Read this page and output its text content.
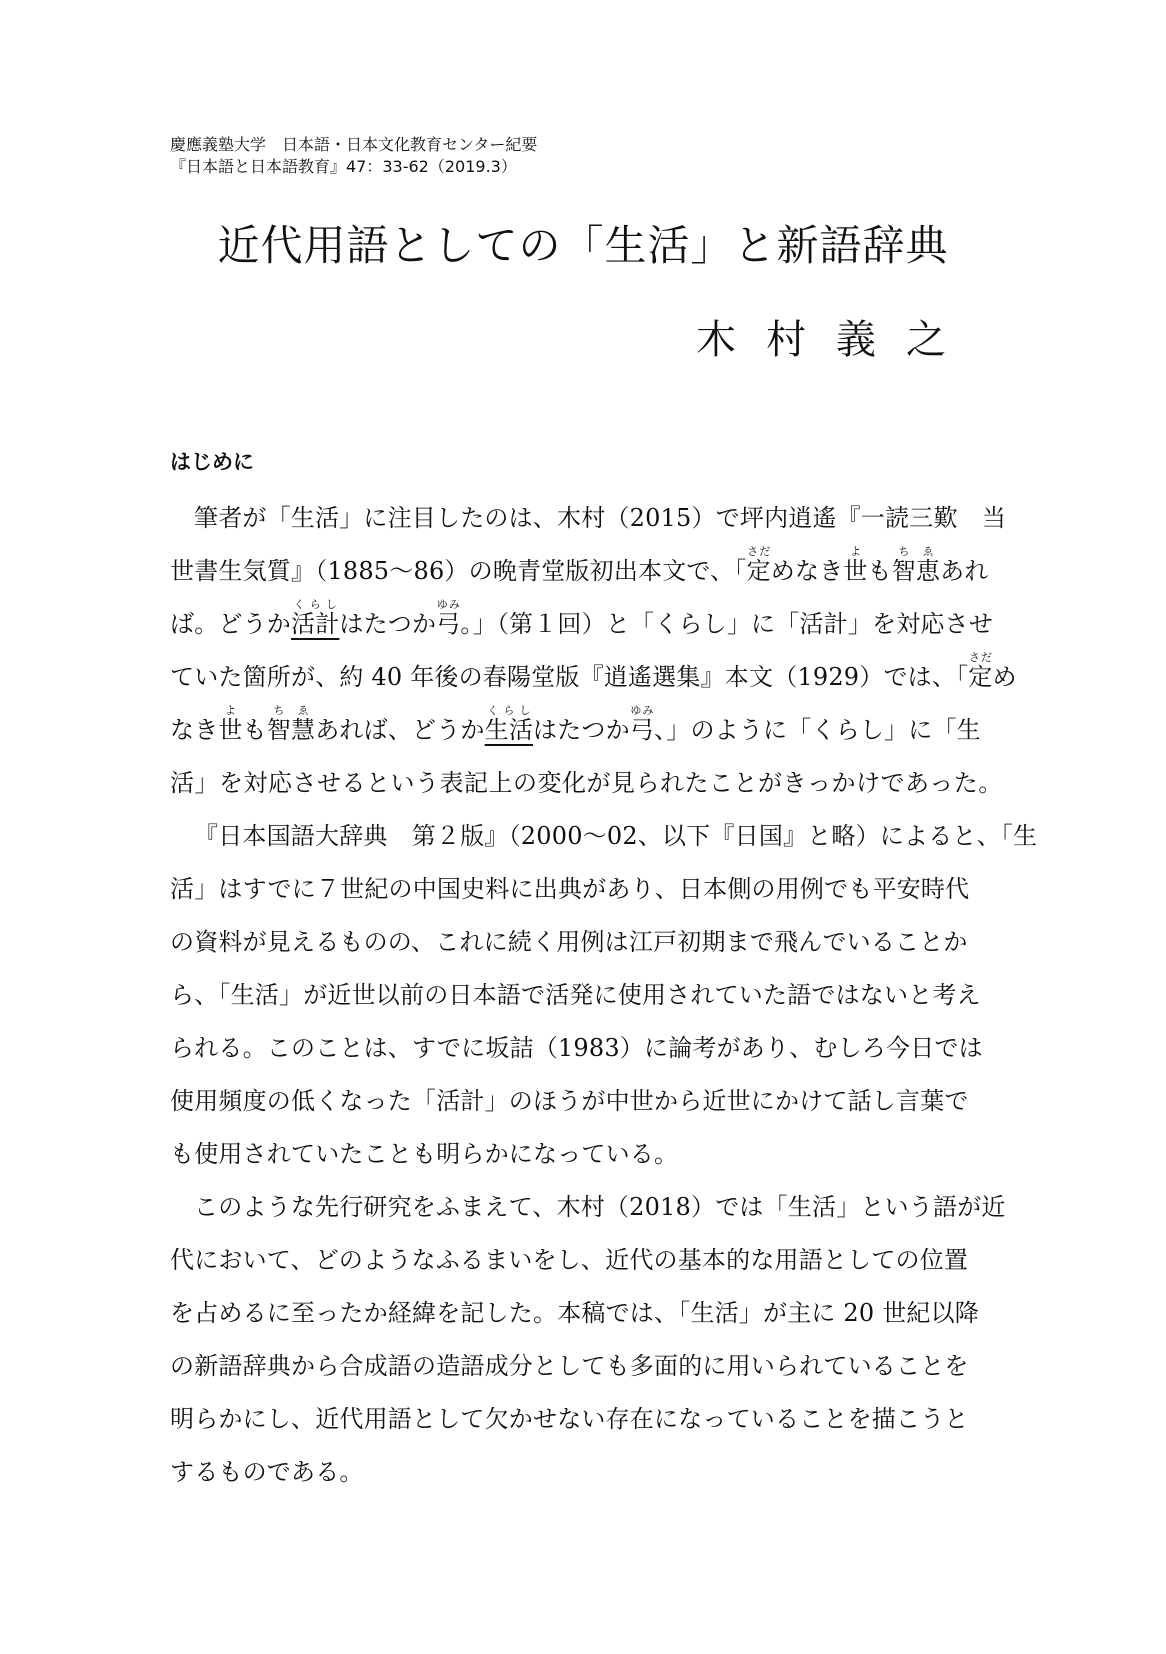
慶應義塾大学　日本語・日本文化教育センター紀要
『日本語と日本語教育』47：33-62（2019.3）
近代用語としての「生活」と新語辞典
木村義之
はじめに
筆者が「生活」に注目したのは、木村（2015）で坪内逍遙『一読三歎　当
世書生気質』（1885～86）の晩青堂版初出本文で、「定さだめなき世よも智恵ちゑあれ
ば。どうか活計くらしはたつか弓ゆみ。」（第１回）と「くらし」に「活計」を対応させ
ていた箇所が、約 40 年後の春陽堂版『逍遙選集』本文（1929）では、「定さだめ
なき世よも智慧ちゑあれば、どうか生活くらしはたつか弓ゆみ、」のように「くらし」に「生
活」を対応させるという表記上の変化が見られたことがきっかけであった。
『日本国語大辞典　第２版』（2000～02、以下『日国』と略）によると、「生
活」はすでに７世紀の中国史料に出典があり、日本側の用例でも平安時代
の資料が見えるものの、これに続く用例は江戸初期まで飛んでいることか
ら、「生活」が近世以前の日本語で活発に使用されていた語ではないと考え
られる。このことは、すでに坂詰（1983）に論考があり、むしろ今日では
使用頻度の低くなった「活計」のほうが中世から近世にかけて話し言葉で
も使用されていたことも明らかになっている。
このような先行研究をふまえて、木村（2018）では「生活」という語が近
代において、どのようなふるまいをし、近代の基本的な用語としての位置
を占めるに至ったか経緯を記した。本稿では、「生活」が主に 20 世紀以降
の新語辞典から合成語の造語成分としても多面的に用いられていることを
明らかにし、近代用語として欠かせない存在になっていることを描こうと
するものである。
